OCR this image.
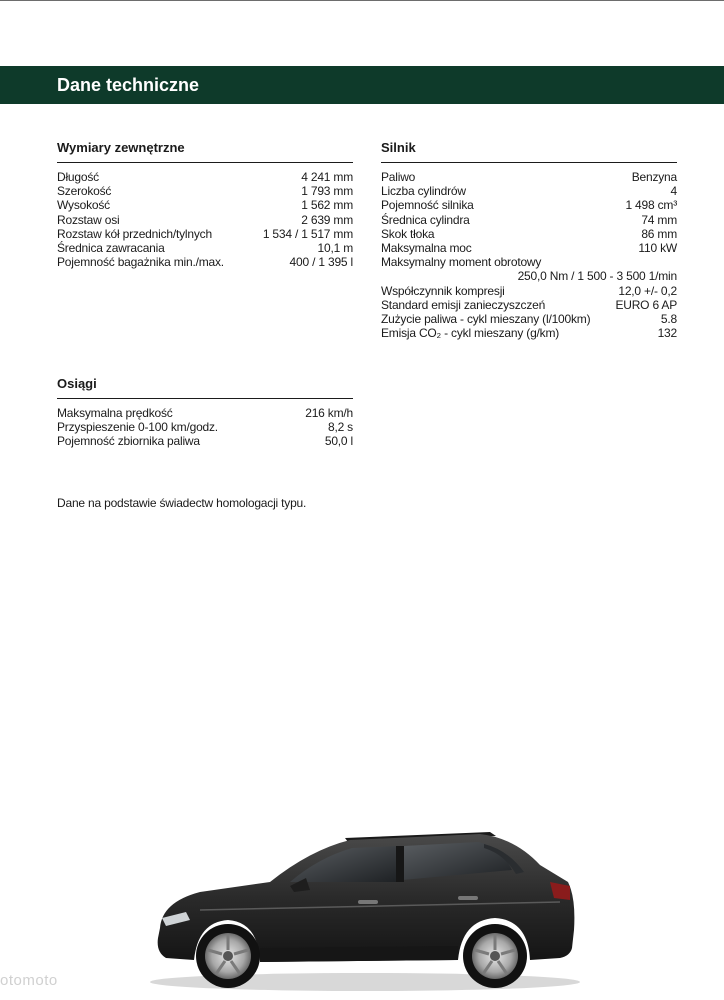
Dane techniczne
Wymiary zewnętrzne
Długość	4 241 mm
Szerokość	1 793 mm
Wysokość	1 562 mm
Rozstaw osi	2 639 mm
Rozstaw kół przednich/tylnych	1 534 / 1 517 mm
Średnica zawracania	10,1 m
Pojemność bagażnika min./max.	400 / 1 395 l
Silnik
Paliwo	Benzyna
Liczba cylindrów	4
Pojemność silnika	1 498 cm³
Średnica cylindra	74 mm
Skok tłoka	86 mm
Maksymalna moc	110 kW
Maksymalny moment obrotowy
250,0 Nm / 1 500 - 3 500 1/min
Współczynnik kompresji	12,0 +/- 0,2
Standard emisji zanieczyszczeń	EURO 6 AP
Zużycie paliwa - cykl mieszany (l/100km)	5.8
Emisja CO₂ - cykl mieszany (g/km)	132
Osiągi
Maksymalna prędkość	216 km/h
Przyspieszenie 0-100 km/godz.	8,2 s
Pojemność zbiornika paliwa	50,0 l

Dane na podstawie świadectw homologacji typu.

otomoto
